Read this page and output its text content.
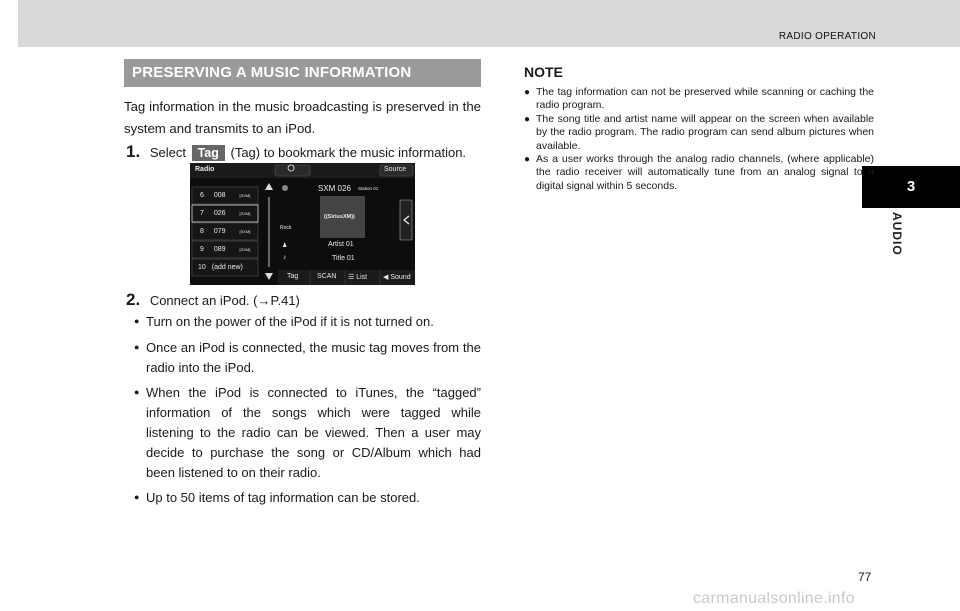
RADIO OPERATION
3
AUDIO
PRESERVING A MUSIC INFORMATION
Tag information in the music broadcasting is preserved in the system and transmits to an iPod.
1. Select Tag (Tag) to bookmark the music information.
Radio	Source
6 008	[SXM]
7 026	[SXM]
8 079	[SXM]
9 089	[SXM]
10 (add new)
SXM 026 Station 01
((SiriusXM))
Rock
Artist 01
Title 01
♟
♪
Tag	SCAN ☰ List ◀ Sound
2. Connect an iPod. (→P.41)
● Turn on the power of the iPod if it is not turned on.
● Once an iPod is connected, the music tag moves from the radio into the iPod.
● When the iPod is connected to iTunes, the “tagged” information of the songs which were tagged while listening to the radio can be viewed. Then a user may decide to purchase the song or CD/Album which had been listened to on their radio.
● Up to 50 items of tag information can be stored.
NOTE
● The tag information can not be preserved while scanning or caching the radio program.
● The song title and artist name will appear on the screen when available by the radio program. The radio program can send album pictures when available.
● As a user works through the analog radio channels, (where applicable) the radio receiver will automatically tune from an analog signal to a digital signal within 5 seconds.
77
carmanualsonline.info
